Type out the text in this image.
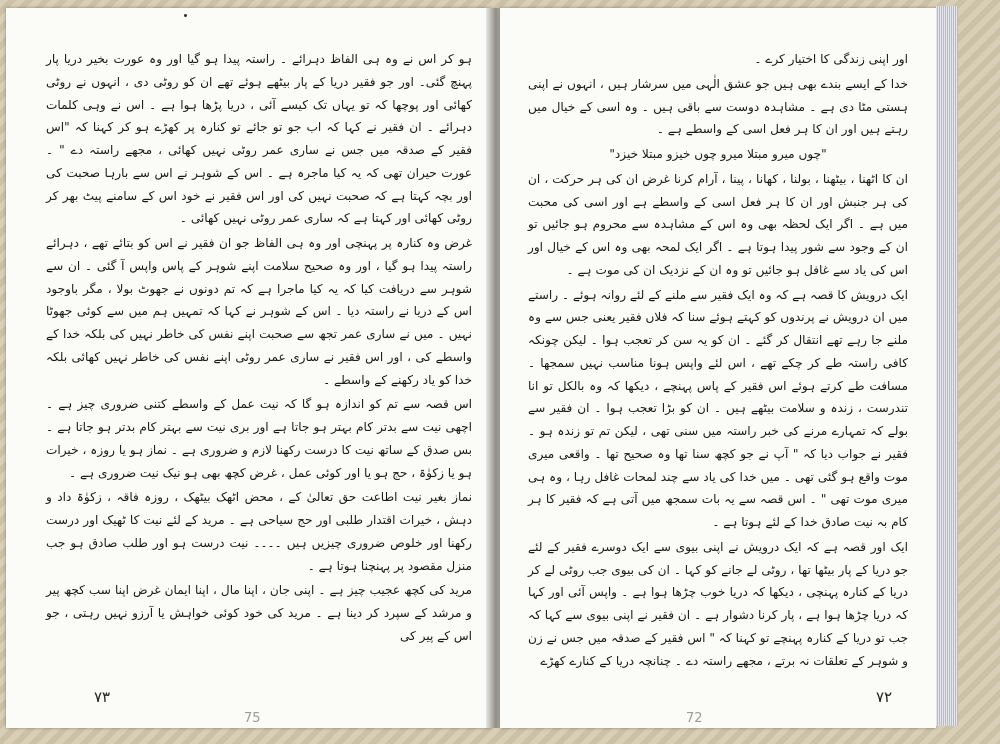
ہو کر اس نے وہ ہی الفاظ دہرائے ۔ راستہ پیدا ہو گیا اور وہ عورت بخیر دریا پار پہنچ گئی۔ اور جو فقیر دریا کے پار بیٹھے ہوئے تھے ان کو روٹی دی ، انہوں نے روٹی کھائی اور پوچھا کہ تو یہاں تک کیسے آئی ، دریا پڑھا ہوا ہے ۔ اس نے وہی کلمات دہرائے ۔ ان فقیر نے کہا کہ اب جو تو جائے تو کنارہ پر کھڑے ہو کر کہنا کہ "اس فقیر کے صدقہ میں جس نے ساری عمر روٹی نہیں کھائی ، مجھے راستہ دے " ۔ عورت حیران تھی کہ یہ کیا ماجرہ ہے ۔ اس کے شوہر نے اس سے بارہا صحبت کی اور بچہ کہتا ہے کہ صحبت نہیں کی اور اس فقیر نے خود اس کے سامنے پیٹ بھر کر روٹی کھائی اور کہتا ہے کہ ساری عمر روٹی نہیں کھائی ۔

غرض وہ کنارہ پر پہنچی اور وہ ہی الفاظ جو ان فقیر نے اس کو بتائے تھے ، دہرائے راستہ پیدا ہو گیا ، اور وہ صحیح سلامت اپنے شوہر کے پاس واپس آ گئی ۔ ان سے شوہر سے دریافت کیا کہ یہ کیا ماجرا ہے کہ تم دونوں نے جھوٹ بولا ، مگر باوجود اس کے دریا نے راستہ دیا ۔ اس کے شوہر نے کہا کہ تمہیں ہم میں سے کوئی جھوٹا نہیں ۔ میں نے ساری عمر تجھ سے صحبت اپنے نفس کی خاطر نہیں کی بلکہ خدا کے واسطے کی ، اور اس فقیر نے ساری عمر روٹی اپنے نفس کی خاطر نہیں کھائی بلکہ خدا کو یاد رکھنے کے واسطے ۔

اس قصہ سے تم کو اندازہ ہو گا کہ نیت عمل کے واسطے کتنی ضروری چیز ہے ۔ اچھی نیت سے بدتر کام بہتر ہو جاتا ہے اور بری نیت سے بہتر کام بدتر ہو جاتا ہے ۔ بس صدق کے ساتھ نیت کا درست رکھنا لازم و ضروری ہے ۔ نماز ہو یا روزہ ، خیرات ہو یا زکوٰۃ ، حج ہو یا اور کوئی عمل ، غرض کچھ بھی ہو نیک نیت ضروری ہے ۔

نماز بغیر نیت اطاعت حق تعالیٰ کے ، محض اٹھک بیٹھک ، روزہ فاقہ ، زکوٰۃ داد و دہش ، خیرات اقتدار طلبی اور حج سیاحی ہے ۔ مرید کے لئے نیت کا ٹھیک اور درست رکھنا اور خلوص ضروری چیزیں ہیں ۔۔۔۔ نیت درست ہو اور طلب صادق ہو جب منزل مقصود پر پہنچنا ہوتا ہے ۔

مرید کی کچھ عجیب چیز ہے ۔ اپنی جان ، اپنا مال ، اپنا ایمان غرض اپنا سب کچھ پیر و مرشد کے سپرد کر دینا ہے ۔ مرید کی خود کوئی خواہش یا آرزو نہیں رہتی ، جو اس کے پیر کی

۷۳
75

اور اپنی زندگی کا اختیار کرے ۔

خدا کے ایسے بندے بھی ہیں جو عشق الٰہی میں سرشار ہیں ، انہوں نے اپنی ہستی مٹا دی ہے ۔ مشاہدہ دوست سے باقی ہیں ۔ وہ اسی کے خیال میں رہتے ہیں اور ان کا ہر فعل اسی کے واسطے ہے ۔

"چوں میرو مبتلا میرو چوں خیزو مبتلا خیزد"

ان کا اٹھنا ، بیٹھنا ، بولنا ، کھانا ، پینا ، آرام کرنا غرض ان کی ہر حرکت ، ان کی ہر جنبش اور ان کا ہر فعل اسی کے واسطے ہے اور اسی کی محبت میں ہے ۔ اگر ایک لحظہ بھی وہ اس کے مشاہدہ سے محروم ہو جائیں تو ان کے وجود سے شور پیدا ہوتا ہے ۔ اگر ایک لمحہ بھی وہ اس کے خیال اور اس کی یاد سے غافل ہو جائیں تو وہ ان کے نزدیک ان کی موت ہے ۔

ایک درویش کا قصہ ہے کہ وہ ایک فقیر سے ملنے کے لئے روانہ ہوئے ۔ راستے میں ان درویش نے پرندوں کو کہتے ہوئے سنا کہ فلاں فقیر یعنی جس سے وہ ملنے جا رہے تھے انتقال کر گئے ۔ ان کو یہ سن کر تعجب ہوا ۔ لیکن چونکہ کافی راستہ طے کر چکے تھے ، اس لئے واپس ہونا مناسب نہیں سمجھا ۔ مسافت طے کرتے ہوئے اس فقیر کے پاس پہنچے ، دیکھا کہ وہ بالکل تو انا تندرست ، زندہ و سلامت بیٹھے ہیں ۔ ان کو بڑا تعجب ہوا ۔ ان فقیر سے بولے کہ تمہارے مرنے کی خبر راستہ میں سنی تھی ، لیکن تم تو زندہ ہو ۔ فقیر نے جواب دیا کہ " آپ نے جو کچھ سنا تھا وہ صحیح تھا ۔ واقعی میری موت واقع ہو گئی تھی ۔ میں خدا کی یاد سے چند لمحات غافل رہا ، وہ ہی میری موت تھی " ۔ اس قصہ سے یہ بات سمجھ میں آتی ہے کہ فقیر کا ہر کام بہ نیت صادق خدا کے لئے ہوتا ہے ۔

ایک اور قصہ ہے کہ ایک درویش نے اپنی بیوی سے ایک دوسرے فقیر کے لئے جو دریا کے پار بیٹھا تھا ، روٹی لے جانے کو کہا ۔ ان کی بیوی جب روٹی لے کر دریا کے کنارہ پہنچی ، دیکھا کہ دریا خوب چڑھا ہوا ہے ۔ واپس آئی اور کہا کہ دریا چڑھا ہوا ہے ، پار کرنا دشوار ہے ۔ ان فقیر نے اپنی بیوی سے کہا کہ جب تو دریا کے کنارہ پہنچے تو کہنا کہ " اس فقیر کے صدقہ میں جس نے زن و شوہر کے تعلقات نہ برتے ، مجھے راستہ دے ۔ چنانچہ دریا کے کنارے کھڑے

۷۲
72
